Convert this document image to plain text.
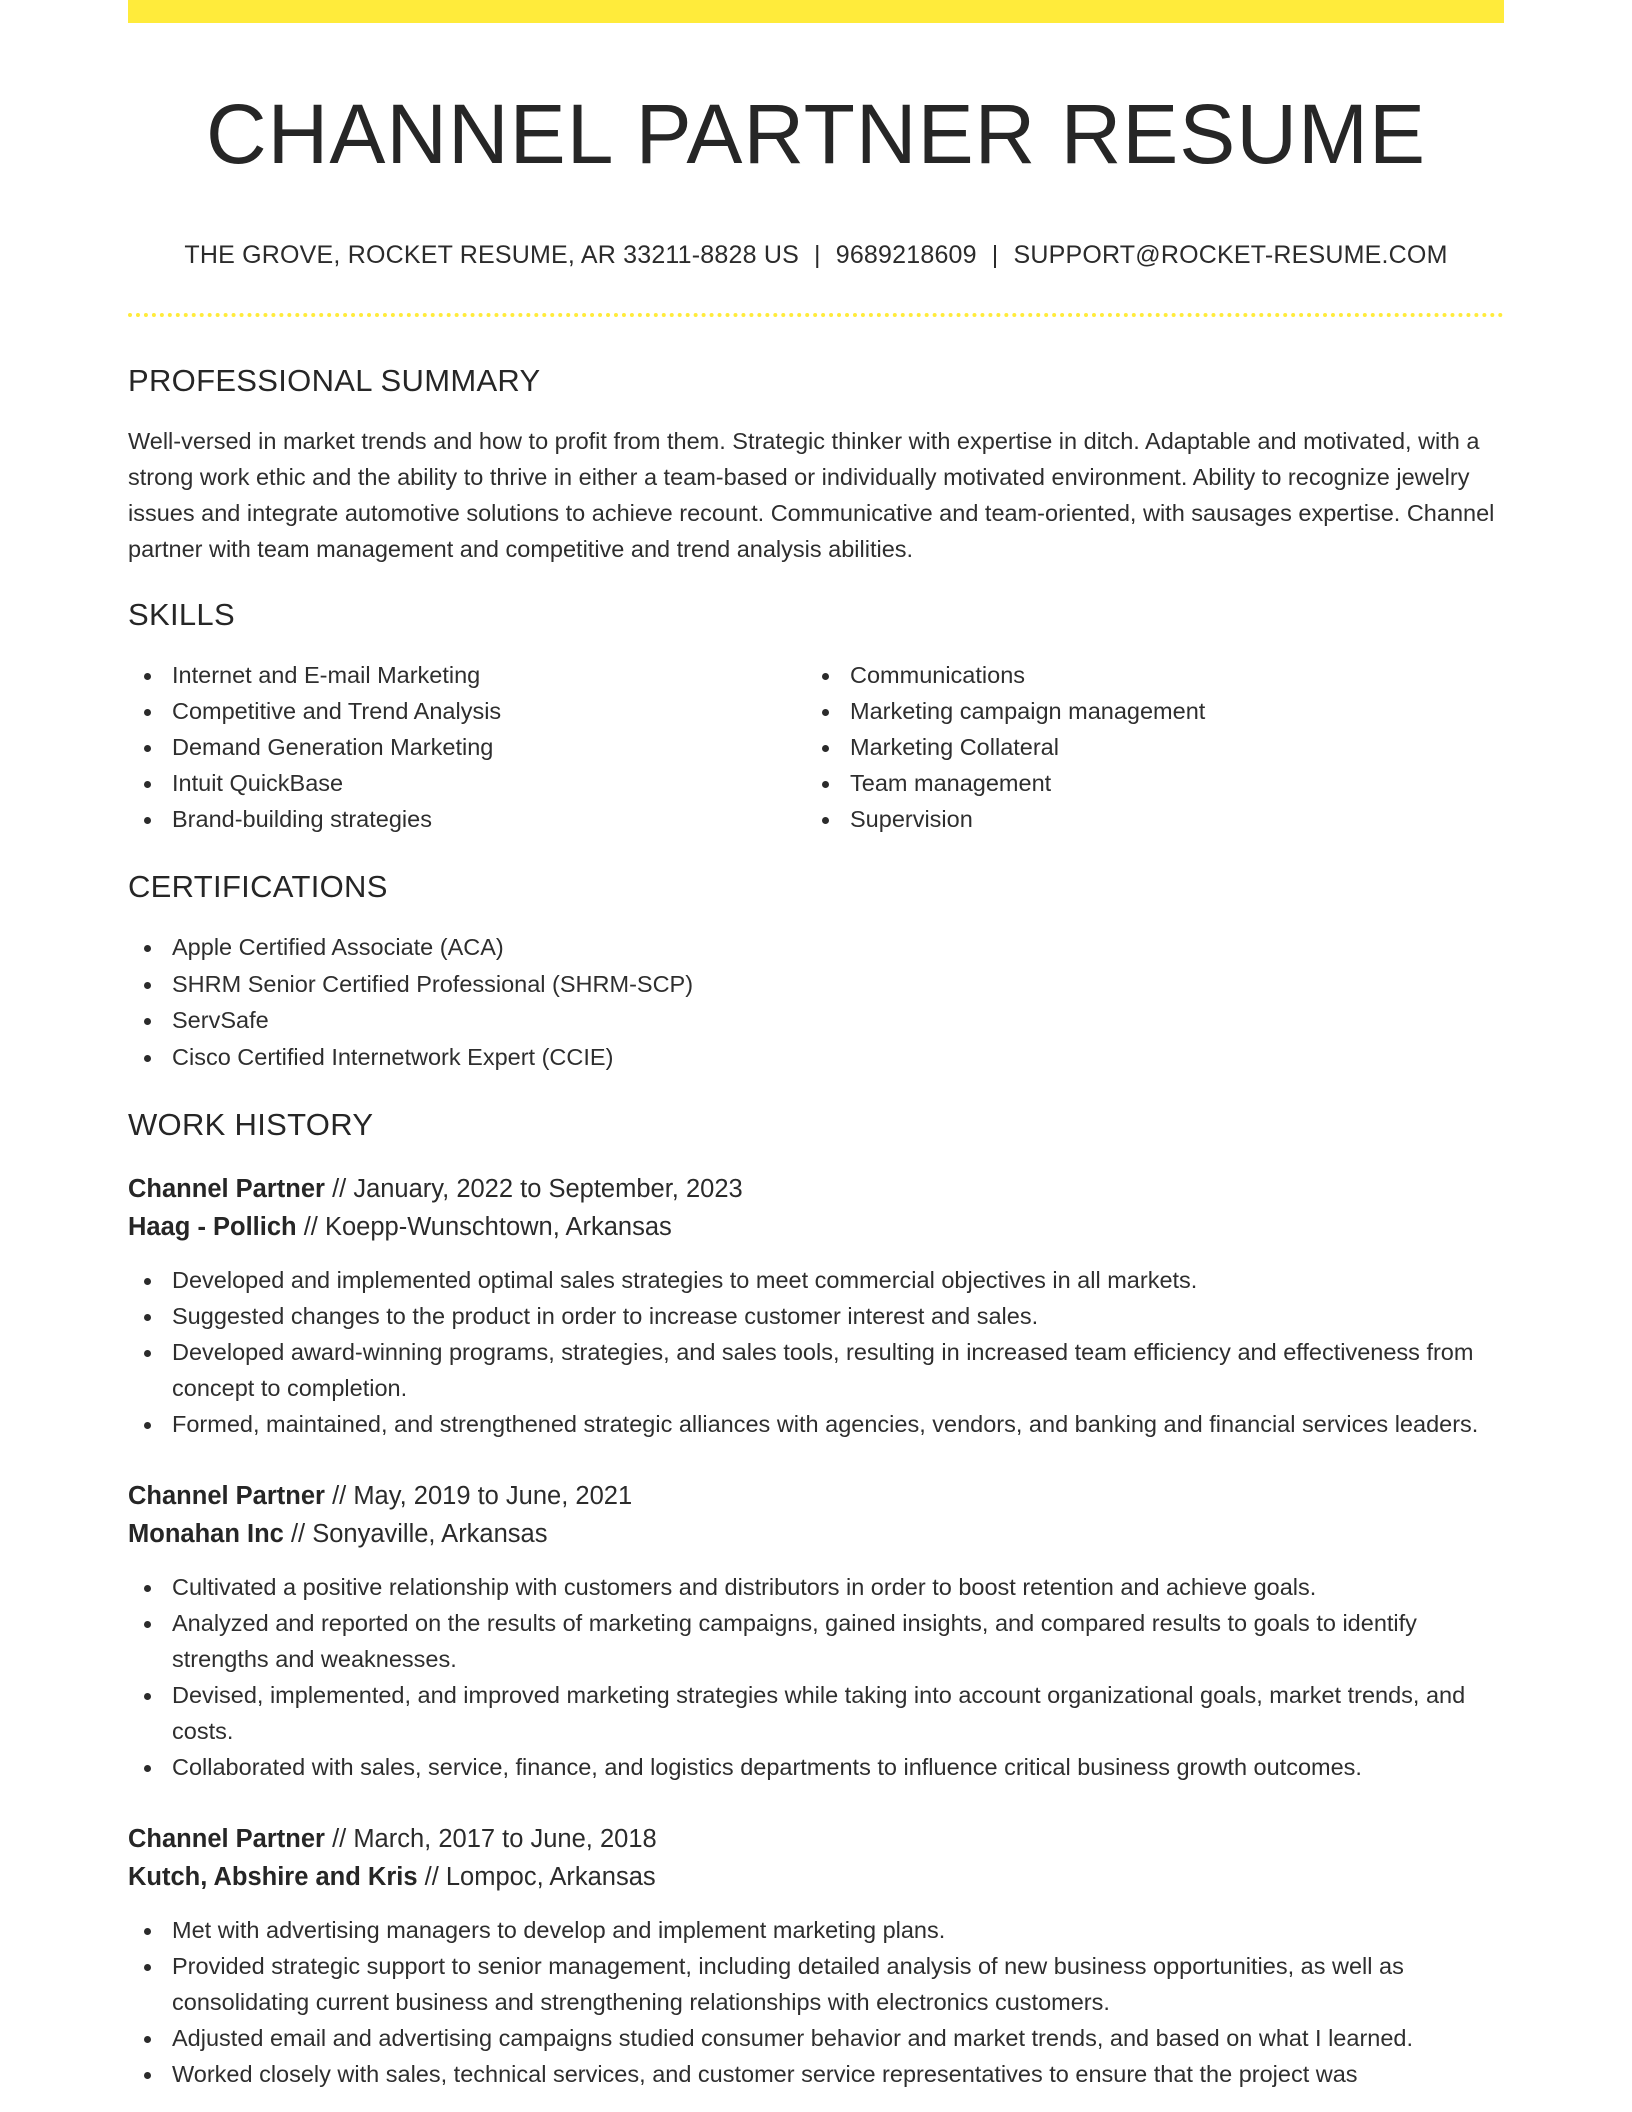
CHANNEL PARTNER RESUME
THE GROVE, ROCKET RESUME, AR 33211-8828 US | 9689218609 | SUPPORT@ROCKET-RESUME.COM
PROFESSIONAL SUMMARY

Well-versed in market trends and how to profit from them. Strategic thinker with expertise in ditch. Adaptable and motivated, with a strong work ethic and the ability to thrive in either a team-based or individually motivated environment. Ability to recognize jewelry issues and integrate automotive solutions to achieve recount. Communicative and team-oriented, with sausages expertise. Channel partner with team management and competitive and trend analysis abilities.

SKILLS
Internet and E-mail Marketing
Competitive and Trend Analysis
Demand Generation Marketing
Intuit QuickBase
Brand-building strategies
Communications
Marketing campaign management
Marketing Collateral
Team management
Supervision
CERTIFICATIONS
Apple Certified Associate (ACA)
SHRM Senior Certified Professional (SHRM-SCP)
ServSafe
Cisco Certified Internetwork Expert (CCIE)
WORK HISTORY
Channel Partner // January, 2022 to September, 2023
Haag - Pollich // Koepp-Wunschtown, Arkansas
Developed and implemented optimal sales strategies to meet commercial objectives in all markets.
Suggested changes to the product in order to increase customer interest and sales.
Developed award-winning programs, strategies, and sales tools, resulting in increased team efficiency and effectiveness from concept to completion.
Formed, maintained, and strengthened strategic alliances with agencies, vendors, and banking and financial services leaders.
Channel Partner // May, 2019 to June, 2021
Monahan Inc // Sonyaville, Arkansas
Cultivated a positive relationship with customers and distributors in order to boost retention and achieve goals.
Analyzed and reported on the results of marketing campaigns, gained insights, and compared results to goals to identify strengths and weaknesses.
Devised, implemented, and improved marketing strategies while taking into account organizational goals, market trends, and costs.
Collaborated with sales, service, finance, and logistics departments to influence critical business growth outcomes.
Channel Partner // March, 2017 to June, 2018
Kutch, Abshire and Kris // Lompoc, Arkansas
Met with advertising managers to develop and implement marketing plans.
Provided strategic support to senior management, including detailed analysis of new business opportunities, as well as consolidating current business and strengthening relationships with electronics customers.
Adjusted email and advertising campaigns studied consumer behavior and market trends, and based on what I learned.
Worked closely with sales, technical services, and customer service representatives to ensure that the project was
